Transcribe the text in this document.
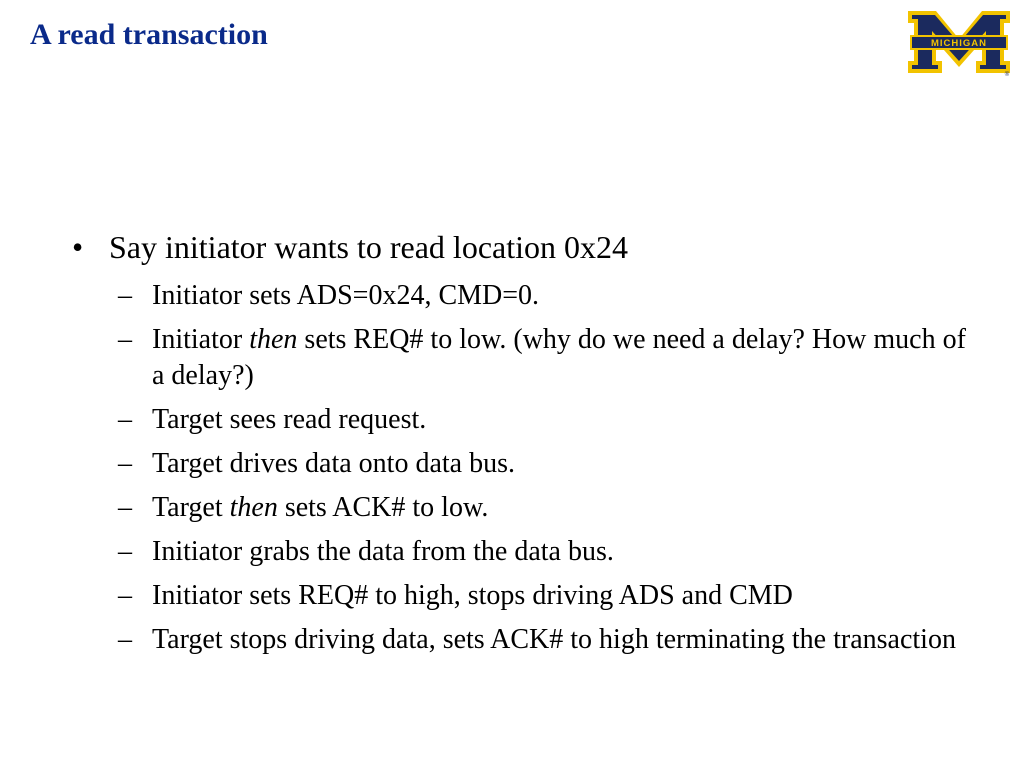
A read transaction	MICHIGAN
®
• Say initiator wants to read location 0x24
– Initiator sets ADS=0x24, CMD=0.
– Initiator then sets REQ# to low. (why do we need a delay? How much of a delay?)
– Target sees read request.
– Target drives data onto data bus.
– Target then sets ACK# to low.
– Initiator grabs the data from the data bus.
– Initiator sets REQ# to high, stops driving ADS and CMD
– Target stops driving data, sets ACK# to high terminating the transaction
